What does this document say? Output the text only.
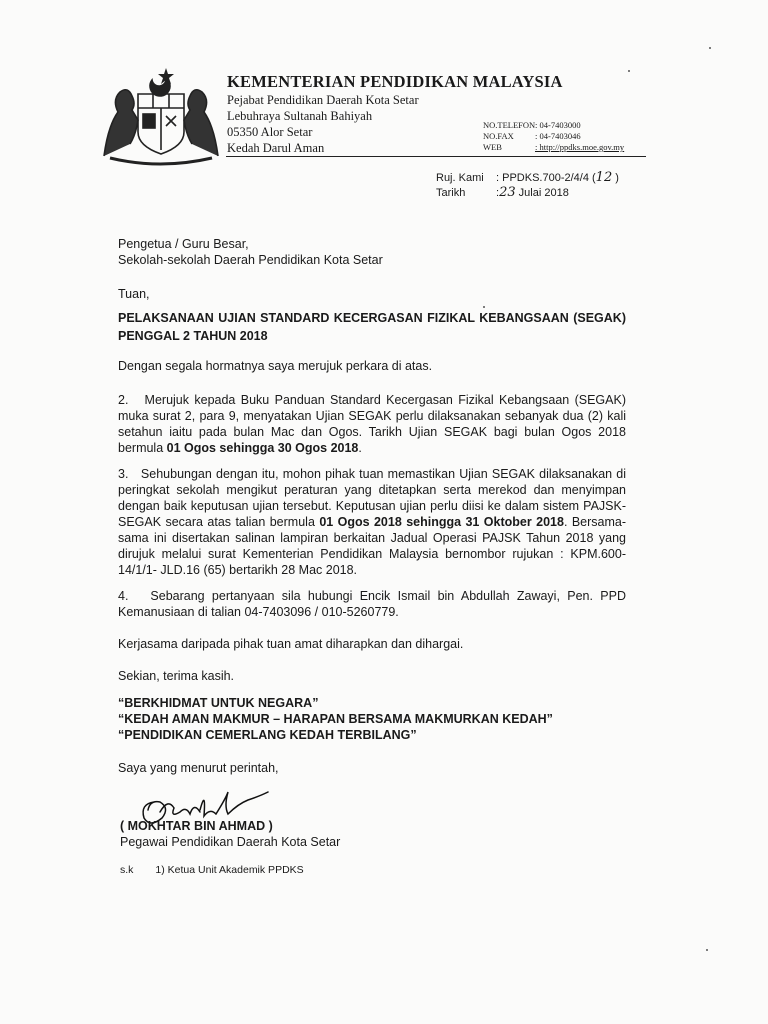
KEMENTERIAN PENDIDIKAN MALAYSIA
Pejabat Pendidikan Daerah Kota Setar
Lebuhraya Sultanah Bahiyah
05350 Alor Setar
Kedah Darul Aman
NO.TELEFON: 04-7403000
NO.FAX : 04-7403046
WEB	: http://ppdks.moe.gov.my
Ruj. Kami : PPDKS.700-2/4/4 (12 )
Tarikh	:23 Julai 2018
Pengetua / Guru Besar,
Sekolah-sekolah Daerah Pendidikan Kota Setar
Tuan,
PELAKSANAAN UJIAN STANDARD KECERGASAN FIZIKAL KEBANGSAAN (SEGAK) PENGGAL 2 TAHUN 2018
Dengan segala hormatnya saya merujuk perkara di atas.
2.   Merujuk kepada Buku Panduan Standard Kecergasan Fizikal Kebangsaan (SEGAK) muka surat 2, para 9, menyatakan Ujian SEGAK perlu dilaksanakan sebanyak dua (2) kali setahun iaitu pada bulan Mac dan Ogos. Tarikh Ujian SEGAK bagi bulan Ogos 2018 bermula 01 Ogos sehingga 30 Ogos 2018.
3.   Sehubungan dengan itu, mohon pihak tuan memastikan Ujian SEGAK dilaksanakan di peringkat sekolah mengikut peraturan yang ditetapkan serta merekod dan menyimpan dengan baik keputusan ujian tersebut. Keputusan ujian perlu diisi ke dalam sistem PAJSK-SEGAK secara atas talian bermula 01 Ogos 2018 sehingga 31 Oktober 2018. Bersama-sama ini disertakan salinan lampiran berkaitan Jadual Operasi PAJSK Tahun 2018 yang dirujuk melalui surat Kementerian Pendidikan Malaysia bernombor rujukan : KPM.600-14/1/1- JLD.16 (65) bertarikh 28 Mac 2018.
4.   Sebarang pertanyaan sila hubungi Encik Ismail bin Abdullah Zawayi, Pen. PPD Kemanusiaan di talian 04-7403096 / 010-5260779.
Kerjasama daripada pihak tuan amat diharapkan dan dihargai.
Sekian, terima kasih.
“BERKHIDMAT UNTUK NEGARA”
“KEDAH AMAN MAKMUR – HARAPAN BERSAMA MAKMURKAN KEDAH”
“PENDIDIKAN CEMERLANG KEDAH TERBILANG”
Saya yang menurut perintah,
( MOKHTAR BIN AHMAD )
Pegawai Pendidikan Daerah Kota Setar
s.k 1) Ketua Unit Akademik PPDKS
